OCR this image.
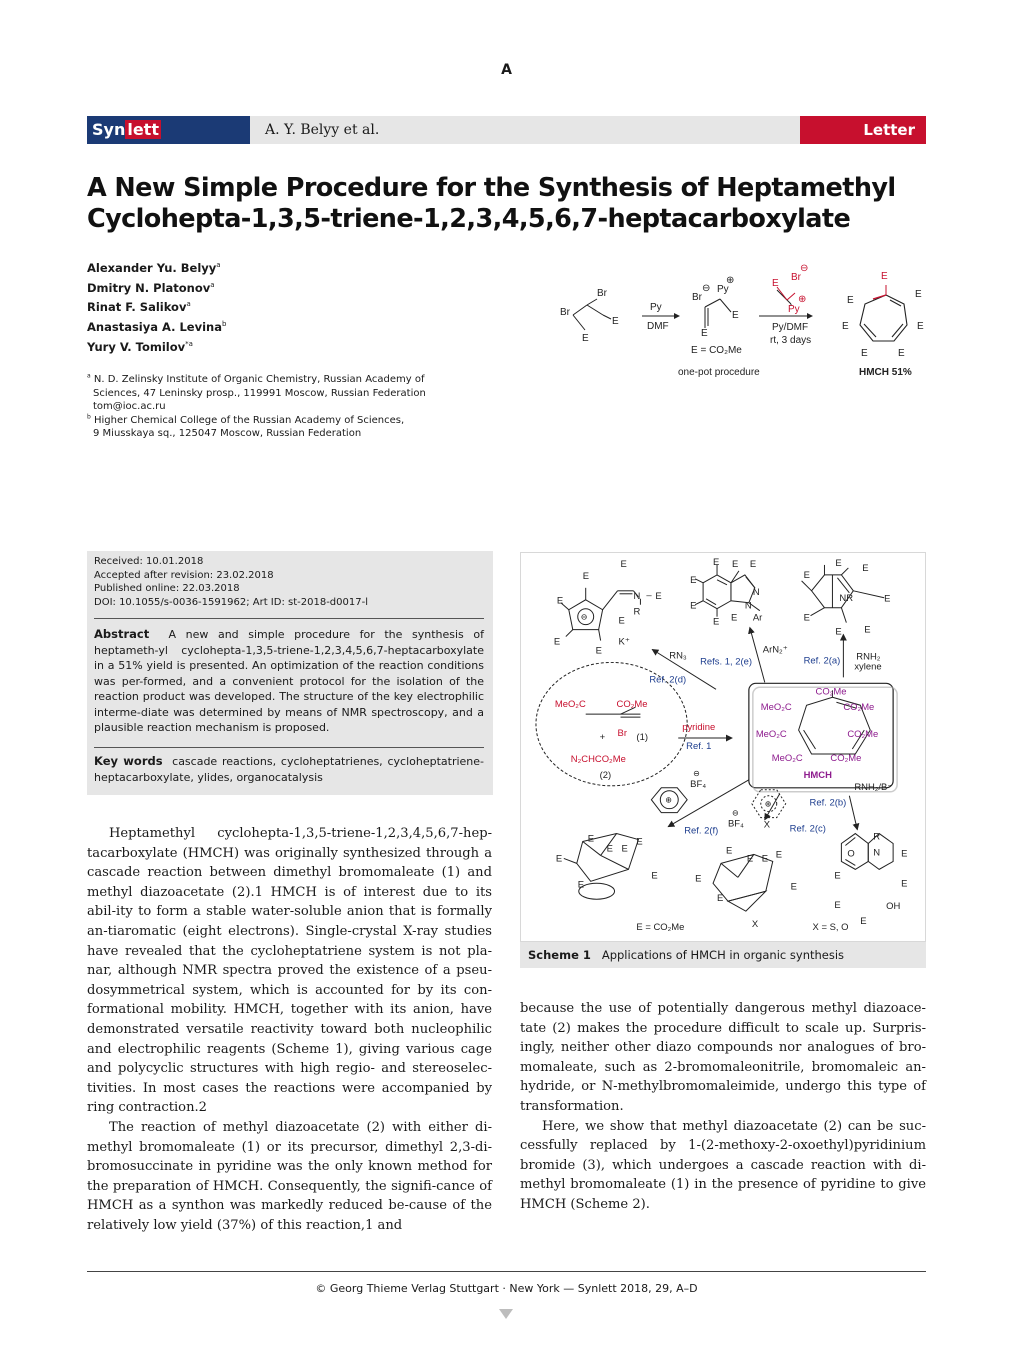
A
Syn lett	A. Y. Belyy et al.	Letter
A New Simple Procedure for the Synthesis of Heptamethyl
Cyclohepta-1,3,5-triene-1,2,3,4,5,6,7-heptacarboxylate
Alexander Yu. Belyy$^a$
Dmitry N. Platonov$^a$
Rinat F. Salikov$^a$
Anastasiya A. Levina$^b$
Yury V. Tomilov$^{*a}$
$^a$ N. D. Zelinsky Institute of Organic Chemistry, Russian Academy of
Sciences, 47 Leninsky prosp., 119991 Moscow, Russian Federation
tom@ioc.ac.ru
$^b$ Higher Chemical College of the Russian Academy of Sciences,
9 Miusskaya sq., 125047 Moscow, Russian Federation
Br
Br
E
E
Py
DMF
Br
⊖ Py
⊕
E
E
E = CO₂Me
Py/DMF
rt, 3 days
one-pot procedure
E
E
E	E
E	E
HMCH 51%
Br
⊖
E
Py
⊕
E
Received: 10.01.2018
Accepted after revision: 23.02.2018
Published online: 22.03.2018
DOI: 10.1055/s-0036-1591962; Art ID: st-2018-d0017-l
Abstract A new and simple procedure for the synthesis of heptameth-yl cyclohepta-1,3,5-triene-1,2,3,4,5,6,7-heptacarboxylate in a 51% yield is presented. An optimization of the reaction conditions was per-formed, and a convenient protocol for the isolation of the reaction product was developed. The structure of the key electrophilic interme-diate was determined by means of NMR spectroscopy, and a plausible reaction mechanism is proposed.
Key words cascade reactions, cycloheptatrienes, cycloheptatriene-heptacarboxylate, ylides, organocatalysis
E
E
E
E
E
E
N
R
– E
⊖
K⁺
E E E
E
E
E E
N
N
Ar
E E
E
E
E
E E
NR
RN₃
ArN₂⁺
RNH₂
xylene
(2)
+	(1)
BF₄
⊖
⊕
BF₄
⊖
⊕
X
RNH₂/B⁻
E
E E
E
E
E
E
E
E E E
E
E
E
X
R
N
O	E
E
E
E
E
OH
E = CO₂Me	X = S, O
Refs. 1, 2(e)	Ref. 2(a)
Ref. 2(d)
Ref. 1
Ref. 2(b)
Ref. 2(f)	Ref. 2(c)
MeO₂C	CO₂Me
Br
N₂CHCO₂Me
pyridine
CO₂Me
MeO₂C	CO₂Me
MeO₂C	CO₂Me
MeO₂C	CO₂Me
HMCH
Scheme 1 Applications of HMCH in organic synthesis

Heptamethyl cyclohepta-1,3,5-triene-1,2,3,4,5,6,7-hep-tacarboxylate (HMCH) was originally synthesized through a cascade reaction between dimethyl bromomaleate (1) and methyl diazoacetate (2).1 HMCH is of interest due to its abil-ity to form a stable water-soluble anion that is formally an-tiaromatic (eight electrons). Single-crystal X-ray studies have revealed that the cycloheptatriene system is not pla-nar, although NMR spectra proved the existence of a pseu-dosymmetrical system, which is accounted for by its con-formational mobility. HMCH, together with its anion, have demonstrated versatile reactivity toward both nucleophilic and electrophilic reagents (Scheme 1), giving various cage and polycyclic structures with high regio- and stereoselec-tivities. In most cases the reactions were accompanied by ring contraction.2

The reaction of methyl diazoacetate (2) with either di-methyl bromomaleate (1) or its precursor, dimethyl 2,3-di-bromosuccinate in pyridine was the only known method for the preparation of HMCH. Consequently, the signifi-cance of HMCH as a synthon was markedly reduced be-cause of the relatively low yield (37%) of this reaction,1 and

because the use of potentially dangerous methyl diazoace-tate (2) makes the procedure difficult to scale up. Surpris-ingly, neither other diazo compounds nor analogues of bro-momaleate, such as 2-bromomaleonitrile, bromomaleic an-hydride, or N-methylbromomaleimide, undergo this type of transformation.

Here, we show that methyl diazoacetate (2) can be suc-cessfully replaced by 1-(2-methoxy-2-oxoethyl)pyridinium bromide (3), which undergoes a cascade reaction with di-methyl bromomaleate (1) in the presence of pyridine to give HMCH (Scheme 2).

© Georg Thieme Verlag Stuttgart · New York — Synlett 2018, 29, A–D
